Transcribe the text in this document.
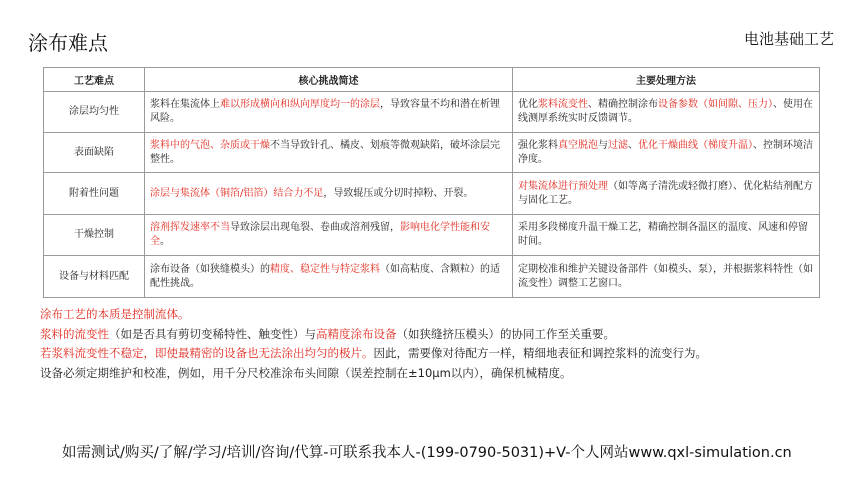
涂布难点	电池基础工艺
工艺难点	核心挑战简述	主要处理方法
涂层均匀性	浆料在集流体上难以形成横向和纵向厚度均一的涂层，导致容量不均和潜在析锂风险。	优化浆料流变性、精确控制涂布设备参数（如间隙、压力）、使用在线测厚系统实时反馈调节。
表面缺陷	浆料中的气泡、杂质或干燥不当导致针孔、橘皮、划痕等微观缺陷，破坏涂层完整性。	强化浆料真空脱泡与过滤、优化干燥曲线（梯度升温）、控制环境洁净度。
附着性问题	涂层与集流体（铜箔/铝箔）结合力不足，导致辊压或分切时掉粉、开裂。	对集流体进行预处理（如等离子清洗或轻微打磨）、优化粘结剂配方与固化工艺。
干燥控制	溶剂挥发速率不当导致涂层出现龟裂、卷曲或溶剂残留，影响电化学性能和安全。	采用多段梯度升温干燥工艺，精确控制各温区的温度、风速和停留时间。
设备与材料匹配	涂布设备（如狭缝模头）的精度、稳定性与特定浆料（如高粘度、含颗粒）的适配性挑战。	定期校准和维护关键设备部件（如模头、泵），并根据浆料特性（如流变性）调整工艺窗口。
涂布工艺的本质是控制流体。
浆料的流变性（如是否具有剪切变稀特性、触变性）与高精度涂布设备（如狭缝挤压模头）的协同工作至关重要。
若浆料流变性不稳定，即使最精密的设备也无法涂出均匀的极片。因此，需要像对待配方一样，精细地表征和调控浆料的流变行为。
设备必须定期维护和校准，例如，用千分尺校准涂布头间隙（误差控制在±10μm以内），确保机械精度。
如需测试/购买/了解/学习/培训/咨询/代算-可联系我本人-(199-0790-5031)+V-个人网站www.qxl-simulation.cn
